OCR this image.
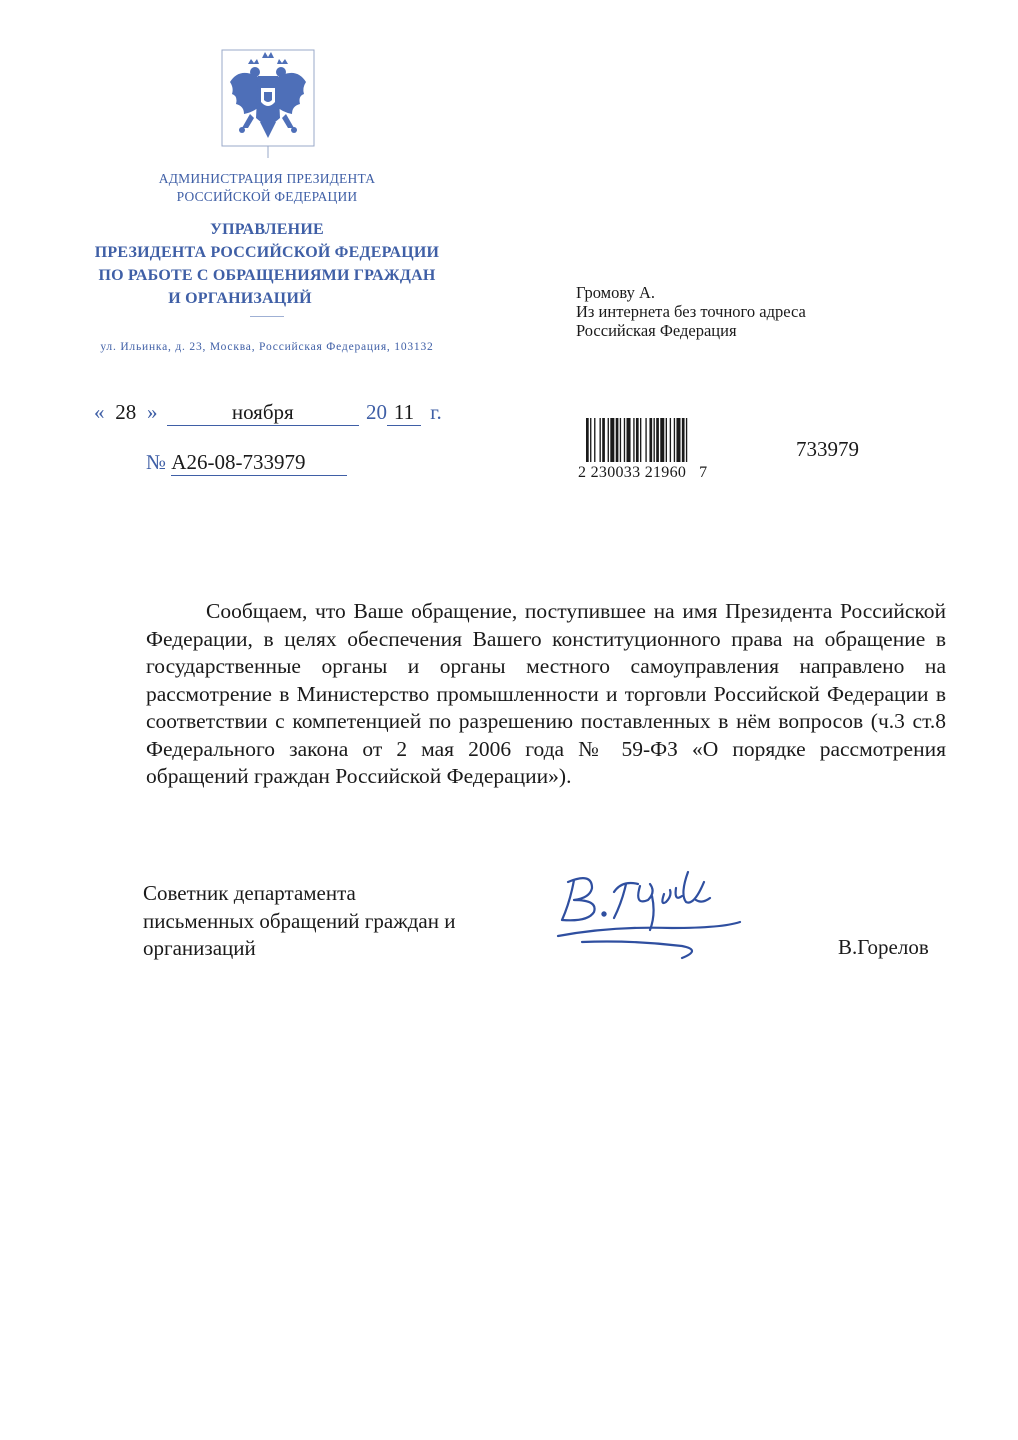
АДМИНИСТРАЦИЯ ПРЕЗИДЕНТА
РОССИЙСКОЙ ФЕДЕРАЦИИ
УПРАВЛЕНИЕ
ПРЕЗИДЕНТА РОССИЙСКОЙ ФЕДЕРАЦИИ
ПО РАБОТЕ С ОБРАЩЕНИЯМИ ГРАЖДАН
И ОРГАНИЗАЦИЙ
ул. Ильинка, д. 23, Москва, Российская Федерация, 103132
Громову А.
Из интернета без точного адреса
Российская Федерация
« 28 »	ноября	20 11 г.
№ А26-08-733979	2 230033 21960   7
733979

Сообщаем, что Ваше обращение, поступившее на имя Президента Российской Федерации, в целях обеспечения Вашего конституционного права на обращение в государственные органы и органы местного самоуправления направлено на рассмотрение в Министерство промышленности и торговли Российской Федерации в соответствии с компетенцией по разрешению поставленных в нём вопросов (ч.3 ст.8 Федерального закона от 2 мая 2006 года № 59-ФЗ «О порядке рассмотрения обращений граждан Российской Федерации»).

Советник департамента
письменных обращений граждан и
организаций	В.Горелов
